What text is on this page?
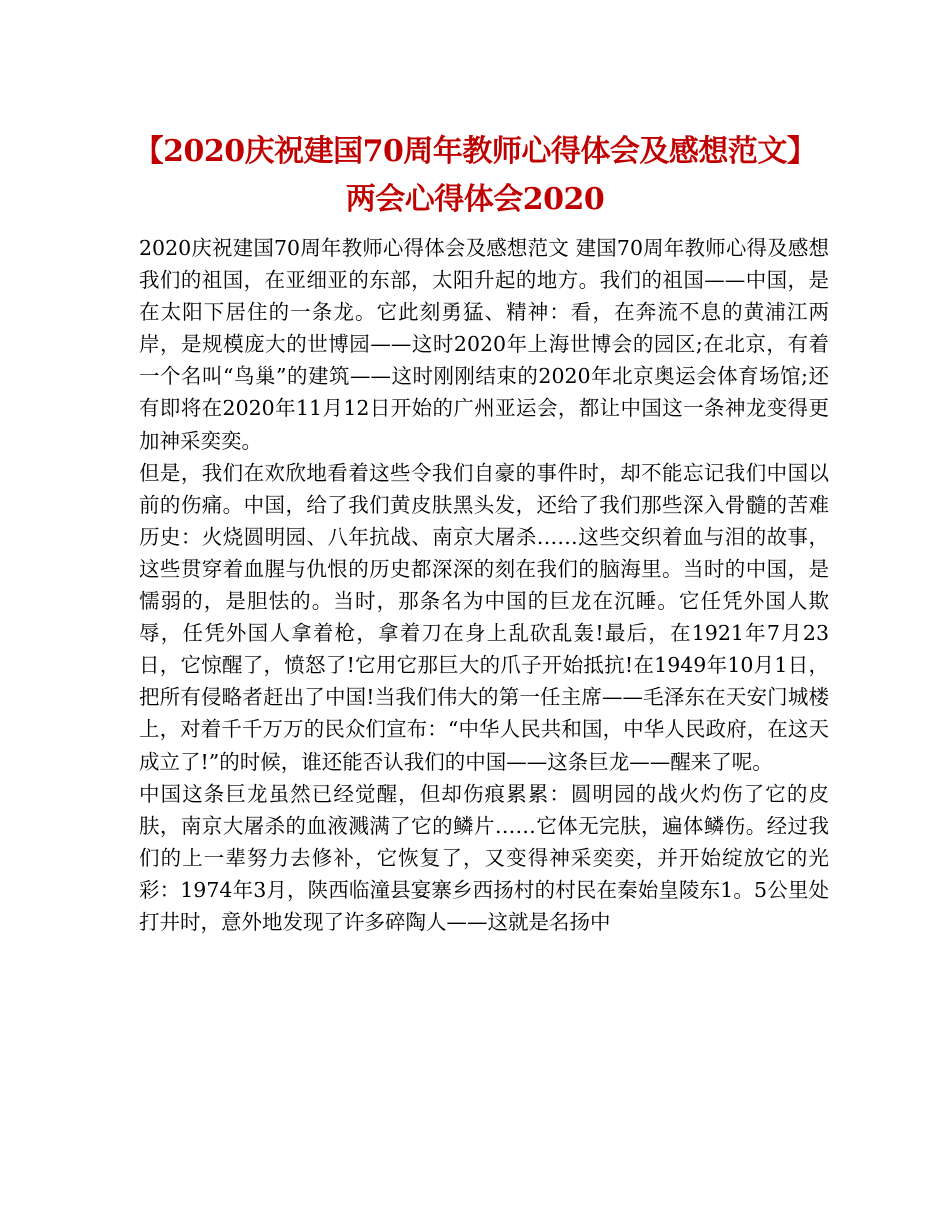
【2020庆祝建国70周年教师心得体会及感想范文】两会心得体会2020

2020庆祝建国70周年教师心得体会及感想范文 建国70周年教师心得及感想 我们的祖国，在亚细亚的东部，太阳升起的地方。我们的祖国——中国，是在太阳下居住的一条龙。它此刻勇猛、精神：看，在奔流不息的黄浦江两岸，是规模庞大的世博园——这时2020年上海世博会的园区;在北京，有着一个名叫“鸟巢”的建筑——这时刚刚结束的2020年北京奥运会体育场馆;还有即将在2020年11月12日开始的广州亚运会，都让中国这一条神龙变得更加神采奕奕。

但是，我们在欢欣地看着这些令我们自豪的事件时，却不能忘记我们中国以前的伤痛。中国，给了我们黄皮肤黑头发，还给了我们那些深入骨髓的苦难历史：火烧圆明园、八年抗战、南京大屠杀……这些交织着血与泪的故事，这些贯穿着血腥与仇恨的历史都深深的刻在我们的脑海里。当时的中国，是懦弱的，是胆怯的。当时，那条名为中国的巨龙在沉睡。它任凭外国人欺辱，任凭外国人拿着枪，拿着刀在身上乱砍乱轰!最后，在1921年7月23日，它惊醒了，愤怒了!它用它那巨大的爪子开始抵抗!在1949年10月1日，把所有侵略者赶出了中国!当我们伟大的第一任主席——毛泽东在天安门城楼上，对着千千万万的民众们宣布：“中华人民共和国，中华人民政府，在这天成立了!”的时候，谁还能否认我们的中国——这条巨龙——醒来了呢。

中国这条巨龙虽然已经觉醒，但却伤痕累累：圆明园的战火灼伤了它的皮肤，南京大屠杀的血液溅满了它的鳞片……它体无完肤，遍体鳞伤。经过我们的上一辈努力去修补，它恢复了，又变得神采奕奕，并开始绽放它的光彩：1974年3月，陕西临潼县宴寨乡西扬村的村民在秦始皇陵东1。5公里处打井时，意外地发现了许多碎陶人——这就是名扬中
